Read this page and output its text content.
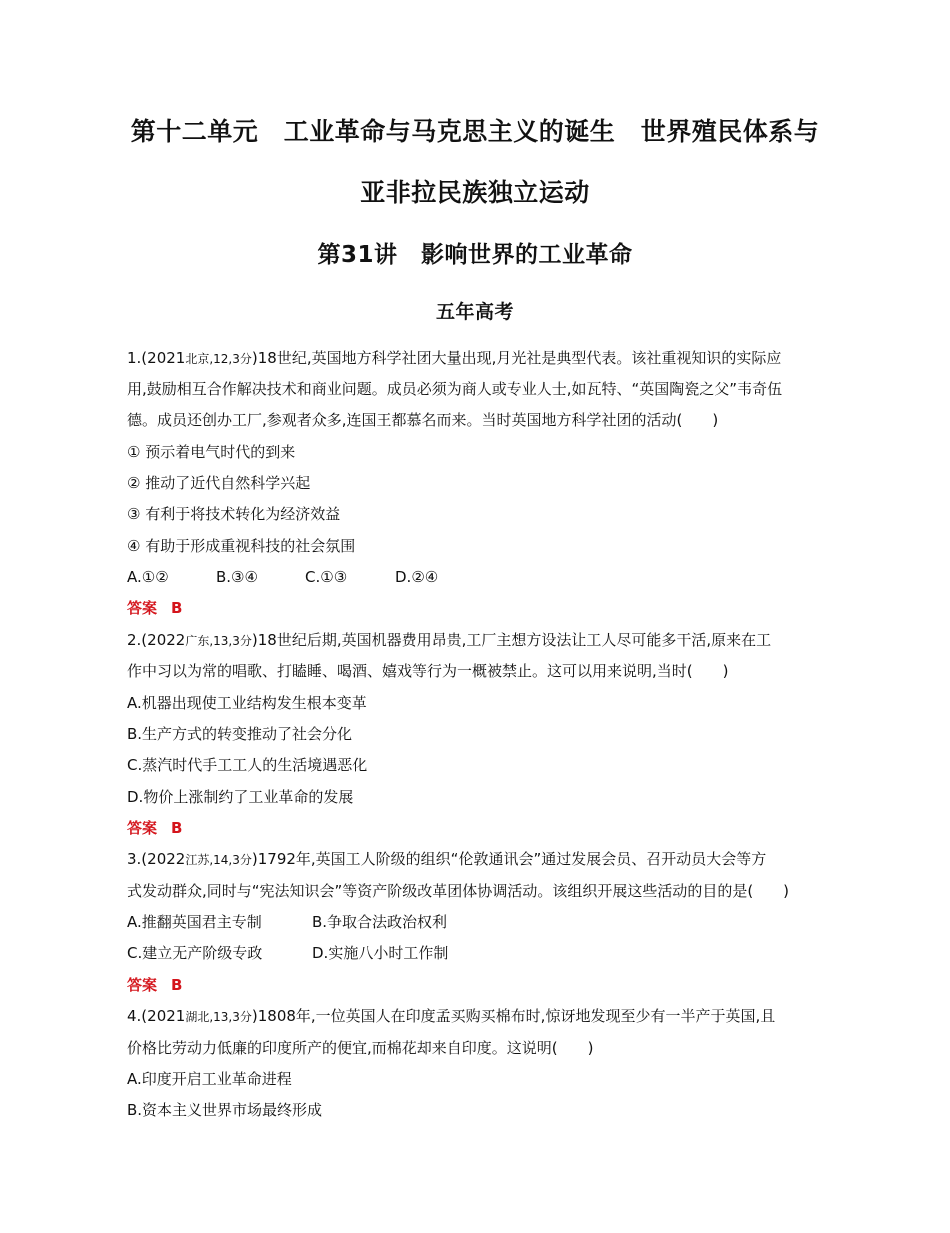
第十二单元　工业革命与马克思主义的诞生　世界殖民体系与
亚非拉民族独立运动
第31讲　影响世界的工业革命
五年高考
1.(2021北京,12,3分)18世纪,英国地方科学社团大量出现,月光社是典型代表。该社重视知识的实际应
用,鼓励相互合作解决技术和商业问题。成员必须为商人或专业人士,如瓦特、“英国陶瓷之父”韦奇伍
德。成员还创办工厂,参观者众多,连国王都慕名而来。当时英国地方科学社团的活动(　　)
① 预示着电气时代的到来
② 推动了近代自然科学兴起
③ 有利于将技术转化为经济效益
④ 有助于形成重视科技的社会氛围
A.①②	B.③④	C.①③	D.②④
答案 B
2.(2022广东,13,3分)18世纪后期,英国机器费用昂贵,工厂主想方设法让工人尽可能多干活,原来在工
作中习以为常的唱歌、打瞌睡、喝酒、嬉戏等行为一概被禁止。这可以用来说明,当时(　　)
A.机器出现使工业结构发生根本变革
B.生产方式的转变推动了社会分化
C.蒸汽时代手工工人的生活境遇恶化
D.物价上涨制约了工业革命的发展
答案 B
3.(2022江苏,14,3分)1792年,英国工人阶级的组织“伦敦通讯会”通过发展会员、召开动员大会等方
式发动群众,同时与“宪法知识会”等资产阶级改革团体协调活动。该组织开展这些活动的目的是(　　)
A.推翻英国君主专制	B.争取合法政治权利
C.建立无产阶级专政	D.实施八小时工作制
答案 B
4.(2021湖北,13,3分)1808年,一位英国人在印度孟买购买棉布时,惊讶地发现至少有一半产于英国,且
价格比劳动力低廉的印度所产的便宜,而棉花却来自印度。这说明(　　)
A.印度开启工业革命进程
B.资本主义世界市场最终形成
